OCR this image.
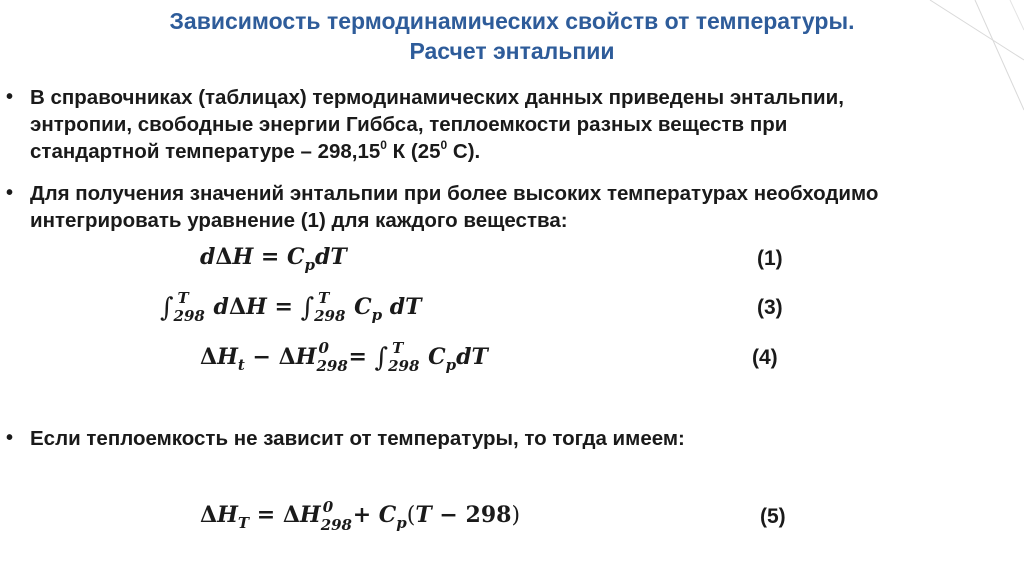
Зависимость термодинамических свойств от температуры.
Расчет энтальпии
• В справочниках (таблицах) термодинамических данных приведены энтальпии,
энтропии, свободные энергии Гиббса, теплоемкости разных веществ при
стандартной температуре – 298,15$^0$ К ($25^0$ С).
• Для получения значений энтальпии при более высоких температурах необходимо
интегрировать уравнение (1) для каждого вещества:
$d\Delta H = C_pdT$	(1)
∫ T
298 dΔH = ∫ T
298 $C_p$ dT	(3)
$\Delta H_t - \Delta H$ 0
298 = ∫ T
298 $C_pdT$	(4)
• Если теплоемкость не зависит от температуры, то тогда имеем:
$\Delta H_T = \Delta H$ 0
$298 + C_p(T - 298)$	(5)
